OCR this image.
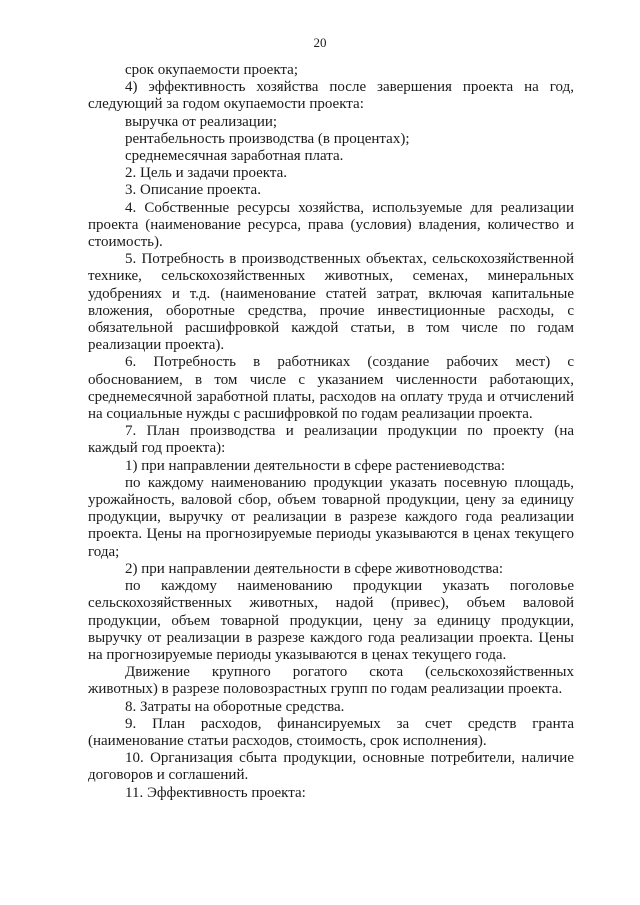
20

срок окупаемости проекта;

4) эффективность хозяйства после завершения проекта на год, следующий за годом окупаемости проекта:

выручка от реализации;

рентабельность производства (в процентах);

среднемесячная заработная плата.

2. Цель и задачи проекта.

3. Описание проекта.

4. Собственные ресурсы хозяйства, используемые для реализации проекта (наименование ресурса, права (условия) владения, количество и стоимость).

5. Потребность в производственных объектах, сельскохозяйственной технике, сельскохозяйственных животных, семенах, минеральных удобрениях и т.д. (наименование статей затрат, включая капитальные вложения, оборотные средства, прочие инвестиционные расходы, с обязательной расшифровкой каждой статьи, в том числе по годам реализации проекта).

6. Потребность в работниках (создание рабочих мест) с обоснованием, в том числе с указанием численности работающих, среднемесячной заработной платы, расходов на оплату труда и отчислений на социальные нужды с расшифровкой по годам реализации проекта.

7. План производства и реализации продукции по проекту (на каждый год проекта):

1) при направлении деятельности в сфере растениеводства:

по каждому наименованию продукции указать посевную площадь, урожайность, валовой сбор, объем товарной продукции, цену за единицу продукции, выручку от реализации в разрезе каждого года реализации проекта. Цены на прогнозируемые периоды указываются в ценах текущего года;

2) при направлении деятельности в сфере животноводства:

по каждому наименованию продукции указать поголовье сельскохозяйственных животных, надой (привес), объем валовой продукции, объем товарной продукции, цену за единицу продукции, выручку от реализации в разрезе каждого года реализации проекта. Цены на прогнозируемые периоды указываются в ценах текущего года.

Движение крупного рогатого скота (сельскохозяйственных животных) в разрезе половозрастных групп по годам реализации проекта.

8. Затраты на оборотные средства.

9. План расходов, финансируемых за счет средств гранта (наименование статьи расходов, стоимость, срок исполнения).

10. Организация сбыта продукции, основные потребители, наличие договоров и соглашений.

11. Эффективность проекта:
